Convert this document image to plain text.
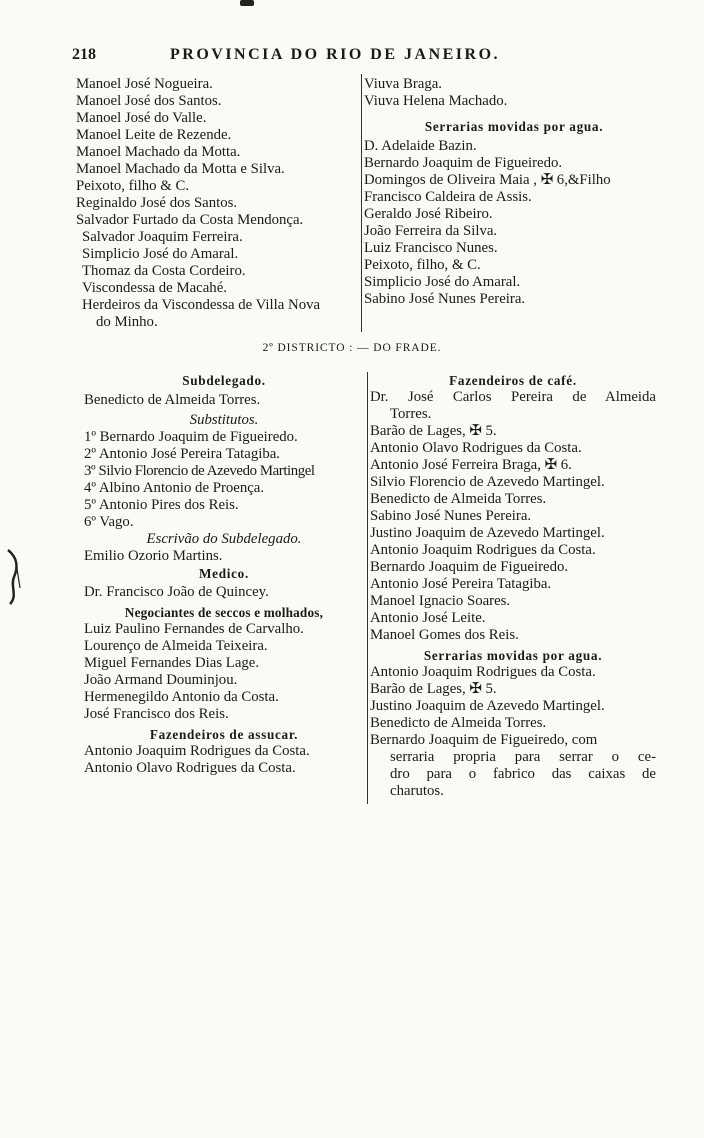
218	PROVINCIA DO RIO DE JANEIRO.
Manoel José Nogueira.
Manoel José dos Santos.
Manoel José do Valle.
Manoel Leite de Rezende.
Manoel Machado da Motta.
Manoel Machado da Motta e Silva.
Peixoto, filho & C.
Reginaldo José dos Santos.
Salvador Furtado da Costa Mendonça.
Salvador Joaquim Ferreira.
Simplicio José do Amaral.
Thomaz da Costa Cordeiro.
Viscondessa de Macahé.
Herdeiros da Viscondessa de Villa Nova
do Minho.
Viuva Braga.
Viuva Helena Machado.
Serrarias movidas por agua.
D. Adelaide Bazin.
Bernardo Joaquim de Figueiredo.
Domingos de Oliveira Maia , ✠ 6,&Filho
Francisco Caldeira de Assis.
Geraldo José Ribeiro.
João Ferreira da Silva.
Luiz Francisco Nunes.
Peixoto, filho, & C.
Simplicio José do Amaral.
Sabino José Nunes Pereira.
2º DISTRICTO : — DO FRADE.
Subdelegado.
Benedicto de Almeida Torres.
Substitutos.
1º Bernardo Joaquim de Figueiredo.
2º Antonio José Pereira Tatagiba.
3º Silvio Florencio de Azevedo Martingel
4º Albino Antonio de Proença.
5º Antonio Pires dos Reis.
6º Vago.
Escrivão do Subdelegado.
Emilio Ozorio Martins.
Medico.
Dr. Francisco João de Quincey.
Negociantes de seccos e molhados,
Luiz Paulino Fernandes de Carvalho.
Lourenço de Almeida Teixeira.
Miguel Fernandes Dias Lage.
João Armand Douminjou.
Hermenegildo Antonio da Costa.
José Francisco dos Reis.
Fazendeiros de assucar.
Antonio Joaquim Rodrigues da Costa.
Antonio Olavo Rodrigues da Costa.
Fazendeiros de café.
Dr. José Carlos Pereira de Almeida
Torres.
Barão de Lages, ✠ 5.
Antonio Olavo Rodrigues da Costa.
Antonio José Ferreira Braga, ✠ 6.
Silvio Florencio de Azevedo Martingel.
Benedicto de Almeida Torres.
Sabino José Nunes Pereira.
Justino Joaquim de Azevedo Martingel.
Antonio Joaquim Rodrigues da Costa.
Bernardo Joaquim de Figueiredo.
Antonio José Pereira Tatagiba.
Manoel Ignacio Soares.
Antonio José Leite.
Manoel Gomes dos Reis.
Serrarias movidas por agua.
Antonio Joaquim Rodrigues da Costa.
Barão de Lages, ✠ 5.
Justino Joaquim de Azevedo Martingel.
Benedicto de Almeida Torres.
Bernardo Joaquim de Figueiredo, com
serraria propria para serrar o ce-
dro para o fabrico das caixas de
charutos.
